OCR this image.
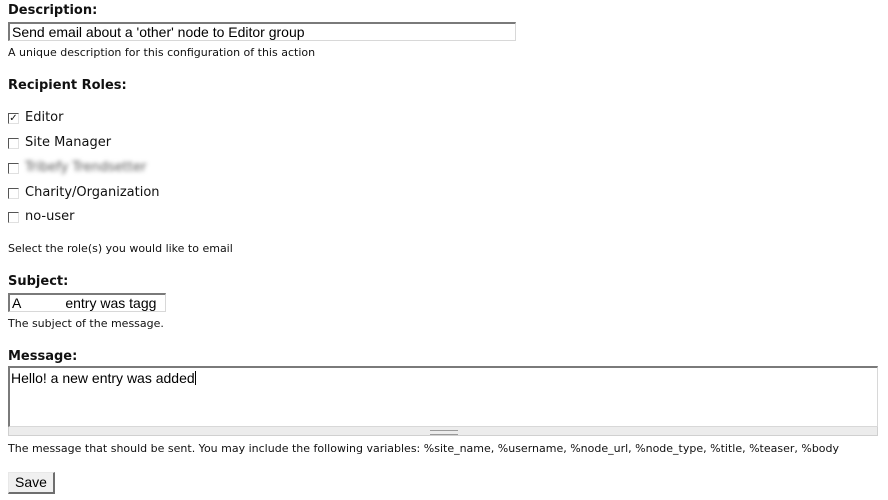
Description:
Send email about a 'other' node to Editor group
A unique description for this configuration of this action
Recipient Roles:
✓ Editor
Site Manager
Tribefy Trendsetter
Charity/Organization
no-user
Select the role(s) you would like to email
Subject:
A	entry was tagg
The subject of the message.
Message:
Hello! a new entry was added
The message that should be sent. You may include the following variables: %site_name, %username, %node_url, %node_type, %title, %teaser, %body
Save
